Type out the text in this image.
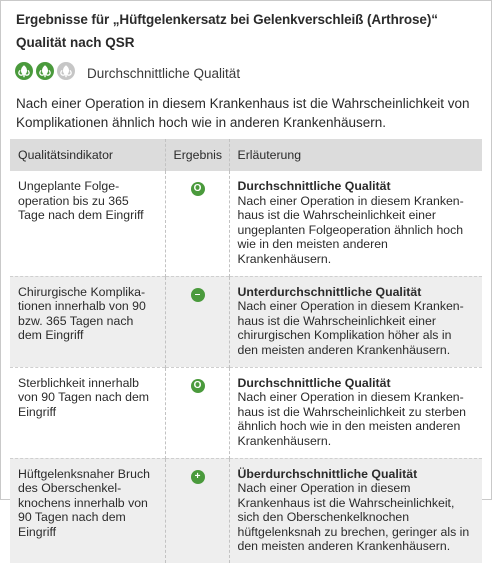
Ergebnisse für „Hüftgelenkersatz bei Gelenkverschleiß (Arthrose)“
Qualität nach QSR
Durchschnittliche Qualität
Nach einer Operation in diesem Krankenhaus ist die Wahrscheinlichkeit von Komplikationen ähnlich hoch wie in anderen Krankenhäusern.
Qualitätsindikator	Ergebnis	Erläuterung
Ungeplante Folgeoperation bis zu 365 Tage nach dem Eingriff	O	Durchschnittliche Qualität
Nach einer Operation in diesem Krankenhaus ist die Wahrscheinlichkeit einer ungeplanten Folgeoperation ähnlich hoch wie in den meisten anderen Krankenhäusern.
Chirurgische Komplikationen innerhalb von 90 bzw. 365 Tagen nach dem Eingriff	–	Unterdurchschnittliche Qualität
Nach einer Operation in diesem Krankenhaus ist die Wahrscheinlichkeit einer chirurgischen Komplikation höher als in den meisten anderen Krankenhäusern.
Sterblichkeit innerhalb von 90 Tagen nach dem Eingriff	O	Durchschnittliche Qualität
Nach einer Operation in diesem Krankenhaus ist die Wahrscheinlichkeit zu sterben ähnlich hoch wie in den meisten anderen Krankenhäusern.
Hüftgelenksnaher Bruch des Oberschenkelknochens innerhalb von 90 Tagen nach dem Eingriff	+	Überdurchschnittliche Qualität
Nach einer Operation in diesem Krankenhaus ist die Wahrscheinlichkeit, sich den Oberschenkelknochen hüftgelenksnah zu brechen, geringer als in den meisten anderen Krankenhäusern.
